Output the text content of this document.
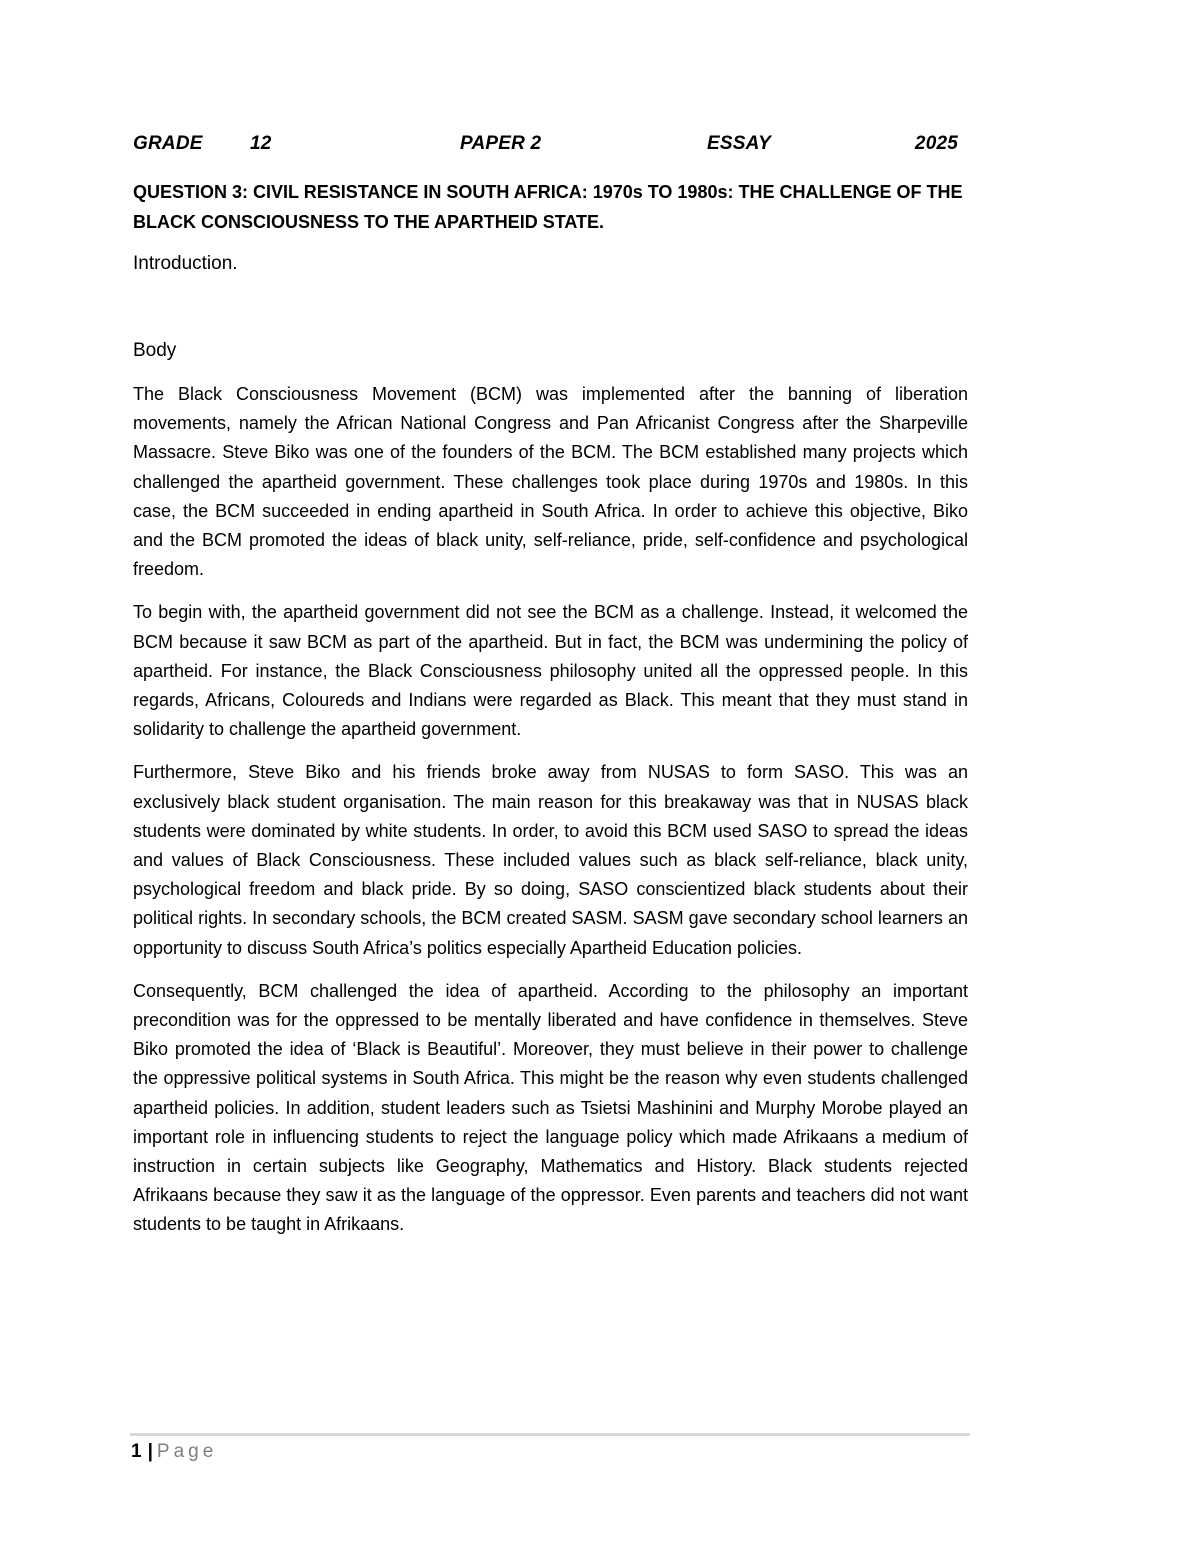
GRADE 12	PAPER 2	ESSAY	2025

QUESTION 3: CIVIL RESISTANCE IN SOUTH AFRICA: 1970s TO 1980s: THE CHALLENGE OF THE BLACK CONSCIOUSNESS TO THE APARTHEID STATE.

Introduction.

Body

The Black Consciousness Movement (BCM) was implemented after the banning of liberation movements, namely the African National Congress and Pan Africanist Congress after the Sharpeville Massacre. Steve Biko was one of the founders of the BCM. The BCM established many projects which challenged the apartheid government. These challenges took place during 1970s and 1980s. In this case, the BCM succeeded in ending apartheid in South Africa. In order to achieve this objective, Biko and the BCM promoted the ideas of black unity, self-reliance, pride, self-confidence and psychological freedom.

To begin with, the apartheid government did not see the BCM as a challenge. Instead, it welcomed the BCM because it saw BCM as part of the apartheid. But in fact, the BCM was undermining the policy of apartheid. For instance, the Black Consciousness philosophy united all the oppressed people. In this regards, Africans, Coloureds and Indians were regarded as Black. This meant that they must stand in solidarity to challenge the apartheid government.

Furthermore, Steve Biko and his friends broke away from NUSAS to form SASO. This was an exclusively black student organisation. The main reason for this breakaway was that in NUSAS black students were dominated by white students. In order, to avoid this BCM used SASO to spread the ideas and values of Black Consciousness. These included values such as black self-reliance, black unity, psychological freedom and black pride. By so doing, SASO conscientized black students about their political rights. In secondary schools, the BCM created SASM. SASM gave secondary school learners an opportunity to discuss South Africa’s politics especially Apartheid Education policies.

Consequently, BCM challenged the idea of apartheid. According to the philosophy an important precondition was for the oppressed to be mentally liberated and have confidence in themselves. Steve Biko promoted the idea of ‘Black is Beautiful’. Moreover, they must believe in their power to challenge the oppressive political systems in South Africa. This might be the reason why even students challenged apartheid policies. In addition, student leaders such as Tsietsi Mashinini and Murphy Morobe played an important role in influencing students to reject the language policy which made Afrikaans a medium of instruction in certain subjects like Geography, Mathematics and History. Black students rejected Afrikaans because they saw it as the language of the oppressor. Even parents and teachers did not want students to be taught in Afrikaans.

1 | Page
